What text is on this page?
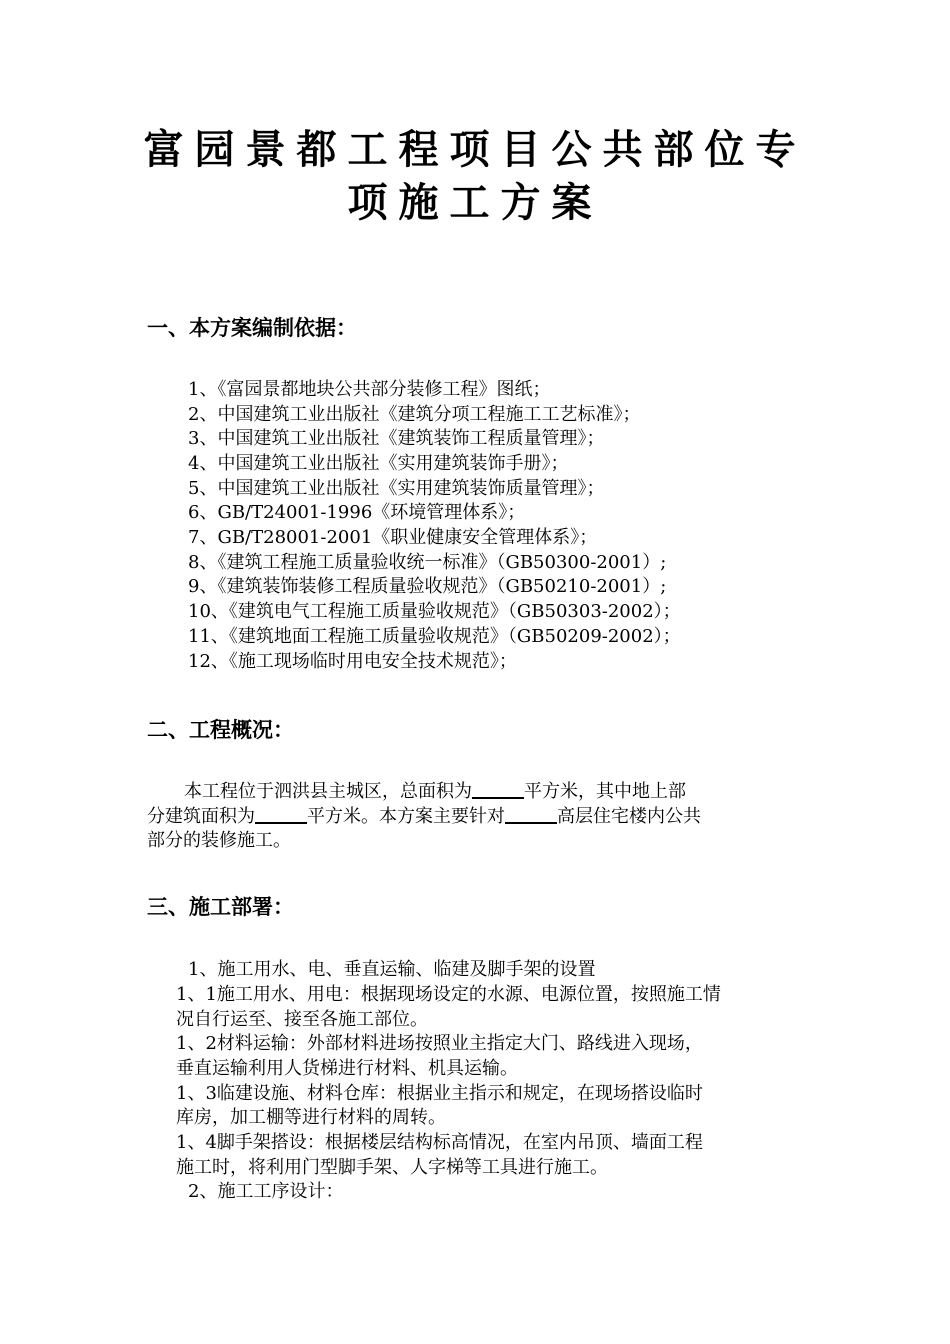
富园景都工程项目公共部位专
项施工方案
一、本方案编制依据：
1、《富园景都地块公共部分装修工程》图纸；
2、中国建筑工业出版社《建筑分项工程施工工艺标准》；
3、中国建筑工业出版社《建筑装饰工程质量管理》；
4、中国建筑工业出版社《实用建筑装饰手册》；
5、中国建筑工业出版社《实用建筑装饰质量管理》；
6、GB/T24001-1996《环境管理体系》；
7、GB/T28001-2001《职业健康安全管理体系》；
8、《建筑工程施工质量验收统一标准》（GB50300-2001）;
9、《建筑装饰装修工程质量验收规范》（GB50210-2001）;
10、《建筑电气工程施工质量验收规范》（GB50303-2002）；
11、《建筑地面工程施工质量验收规范》（GB50209-2002）；
12、《施工现场临时用电安全技术规范》；
二、工程概况：
本工程位于泗洪县主城区，总面积为	平方米，其中地上部
分建筑面积为	平方米。本方案主要针对	高层住宅楼内公共
部分的装修施工。
三、施工部署：
1、施工用水、电、垂直运输、临建及脚手架的设置
1、1施工用水、用电：根据现场设定的水源、电源位置，按照施工情
况自行运至、接至各施工部位。
1、2材料运输：外部材料进场按照业主指定大门、路线进入现场，
垂直运输利用人货梯进行材料、机具运输。
1、3临建设施、材料仓库：根据业主指示和规定，在现场搭设临时
库房，加工棚等进行材料的周转。
1、4脚手架搭设：根据楼层结构标高情况，在室内吊顶、墙面工程
施工时，将利用门型脚手架、人字梯等工具进行施工。
2、施工工序设计：
